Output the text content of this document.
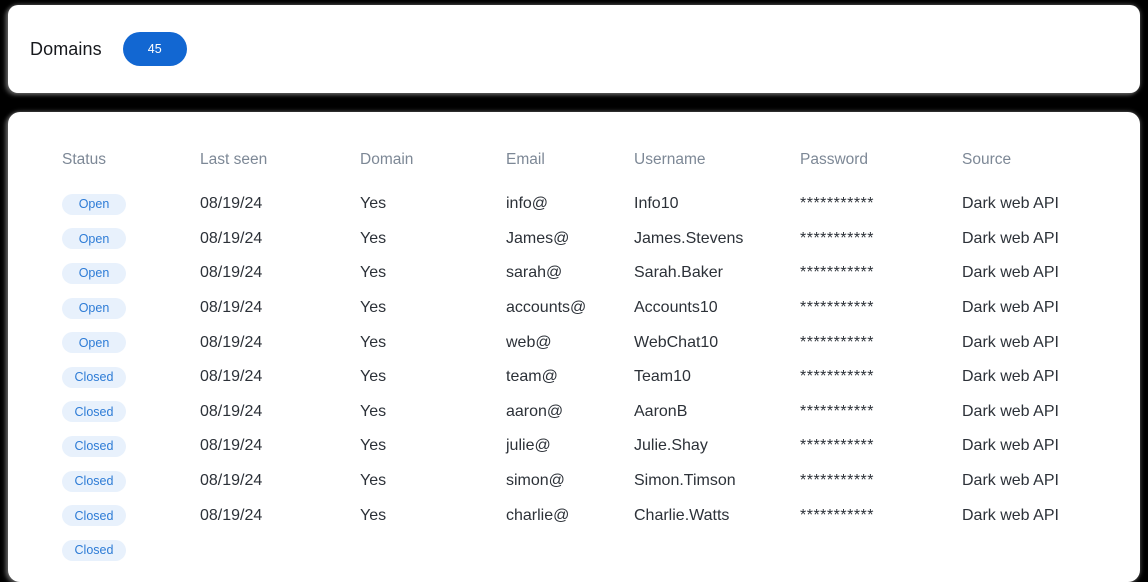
Domains	45
Status	Last seen	Domain	Email	Username	Password	Source
Open	08/19/24	Yes	info@	Info10	***********	Dark web API
Open	08/19/24	Yes	James@	James.Stevens	***********	Dark web API
Open	08/19/24	Yes	sarah@	Sarah.Baker	***********	Dark web API
Open	08/19/24	Yes	accounts@	Accounts10	***********	Dark web API
Open	08/19/24	Yes	web@	WebChat10	***********	Dark web API
Closed	08/19/24	Yes	team@	Team10	***********	Dark web API
Closed	08/19/24	Yes	aaron@	AaronB	***********	Dark web API
Closed	08/19/24	Yes	julie@	Julie.Shay	***********	Dark web API
Closed	08/19/24	Yes	simon@	Simon.Timson	***********	Dark web API
Closed	08/19/24	Yes	charlie@	Charlie.Watts	***********	Dark web API
Closed						
